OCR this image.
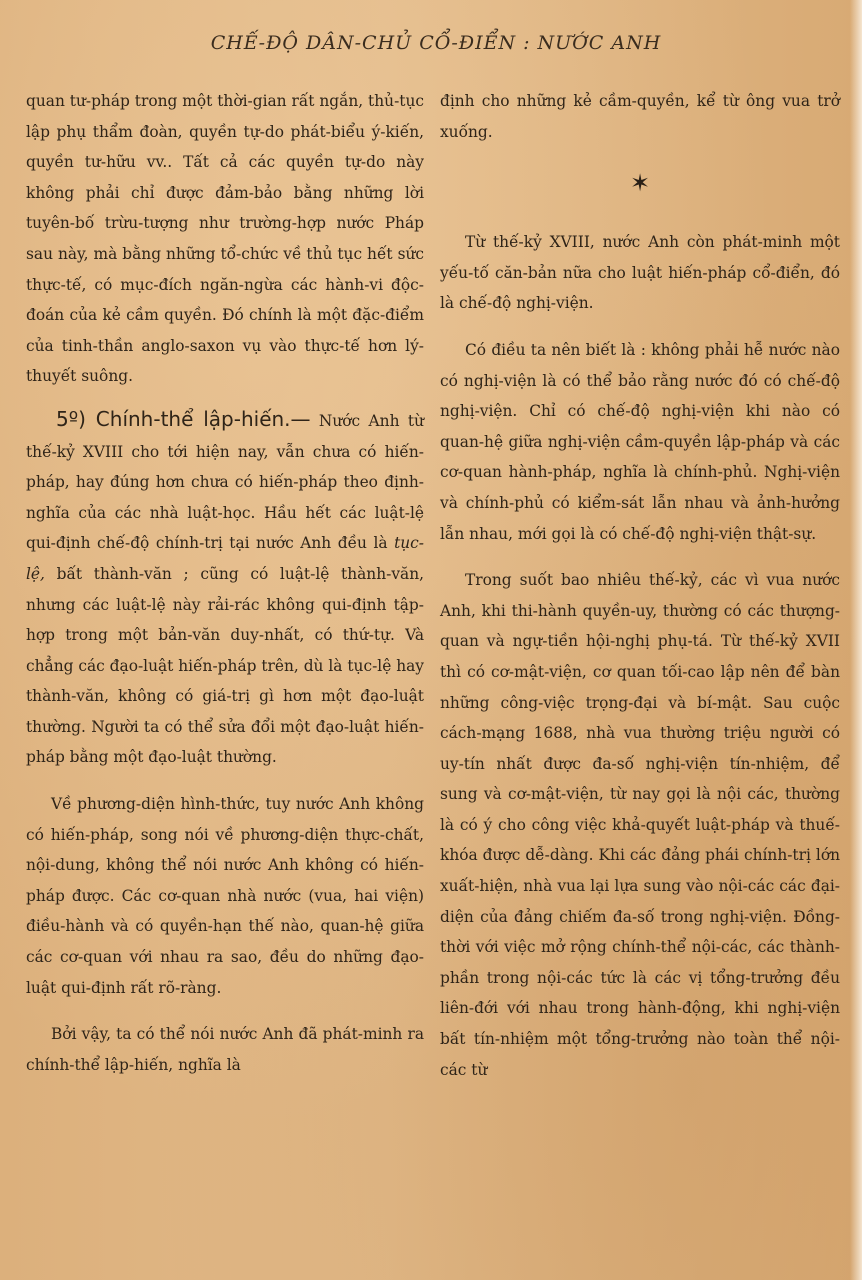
CHẾ-ĐỘ DÂN-CHỦ CỔ-ĐIỂN : NƯỚC ANH

quan tư-pháp trong một thời-gian rất ngắn, thủ-tục lập phụ thẩm đoàn, quyền tự-do phát-biểu ý-kiến, quyền tư-hữu vv.. Tất cả các quyền tự-do này không phải chỉ được đảm-bảo bằng những lời tuyên-bố trừu-tượng như trường-hợp nước Pháp sau này, mà bằng những tổ-chức về thủ tục hết sức thực-tế, có mục-đích ngăn-ngừa các hành-vi độc-đoán của kẻ cầm quyền. Đó chính là một đặc-điểm của tinh-thần anglo-saxon vụ vào thực-tế hơn lý-thuyết suông.

5º) Chính-thể lập-hiến.— Nước Anh từ thế-kỷ XVIII cho tới hiện nay, vẫn chưa có hiến-pháp, hay đúng hơn chưa có hiến-pháp theo định-nghĩa của các nhà luật-học. Hầu hết các luật-lệ qui-định chế-độ chính-trị tại nước Anh đều là tục-lệ, bất thành-văn ; cũng có luật-lệ thành-văn, nhưng các luật-lệ này rải-rác không qui-định tập-hợp trong một bản-văn duy-nhất, có thứ-tự. Và chẳng các đạo-luật hiến-pháp trên, dù là tục-lệ hay thành-văn, không có giá-trị gì hơn một đạo-luật thường. Người ta có thể sửa đổi một đạo-luật hiến-pháp bằng một đạo-luật thường.

Về phương-diện hình-thức, tuy nước Anh không có hiến-pháp, song nói về phương-diện thực-chất, nội-dung, không thể nói nước Anh không có hiến-pháp được. Các cơ-quan nhà nước (vua, hai viện) điều-hành và có quyền-hạn thế nào, quan-hệ giữa các cơ-quan với nhau ra sao, đều do những đạo-luật qui-định rất rõ-ràng.

Bởi vậy, ta có thể nói nước Anh đã phát-minh ra chính-thể lập-hiến, nghĩa là

định cho những kẻ cầm-quyền, kể từ ông vua trở xuống.

✶

Từ thế-kỷ XVIII, nước Anh còn phát-minh một yếu-tố căn-bản nữa cho luật hiến-pháp cổ-điển, đó là chế-độ nghị-viện.

Có điều ta nên biết là : không phải hễ nước nào có nghị-viện là có thể bảo rằng nước đó có chế-độ nghị-viện. Chỉ có chế-độ nghị-viện khi nào có quan-hệ giữa nghị-viện cầm-quyền lập-pháp và các cơ-quan hành-pháp, nghĩa là chính-phủ. Nghị-viện và chính-phủ có kiểm-sát lẫn nhau và ảnh-hưởng lẫn nhau, mới gọi là có chế-độ nghị-viện thật-sự.

Trong suốt bao nhiêu thế-kỷ, các vì vua nước Anh, khi thi-hành quyền-uy, thường có các thượng-quan và ngự-tiền hội-nghị phụ-tá. Từ thế-kỷ XVII thì có cơ-mật-viện, cơ quan tối-cao lập nên để bàn những công-việc trọng-đại và bí-mật. Sau cuộc cách-mạng 1688, nhà vua thường triệu người có uy-tín nhất được đa-số nghị-viện tín-nhiệm, để sung và cơ-mật-viện, từ nay gọi là nội các, thường là có ý cho công việc khả-quyết luật-pháp và thuế-khóa được dễ-dàng. Khi các đảng phái chính-trị lớn xuất-hiện, nhà vua lại lựa sung vào nội-các các đại-diện của đảng chiếm đa-số trong nghị-viện. Đồng-thời với việc mở rộng chính-thể nội-các, các thành-phần trong nội-các tức là các vị tổng-trưởng đều liên-đới với nhau trong hành-động, khi nghị-viện bất tín-nhiệm một tổng-trưởng nào toàn thể nội-các từ
